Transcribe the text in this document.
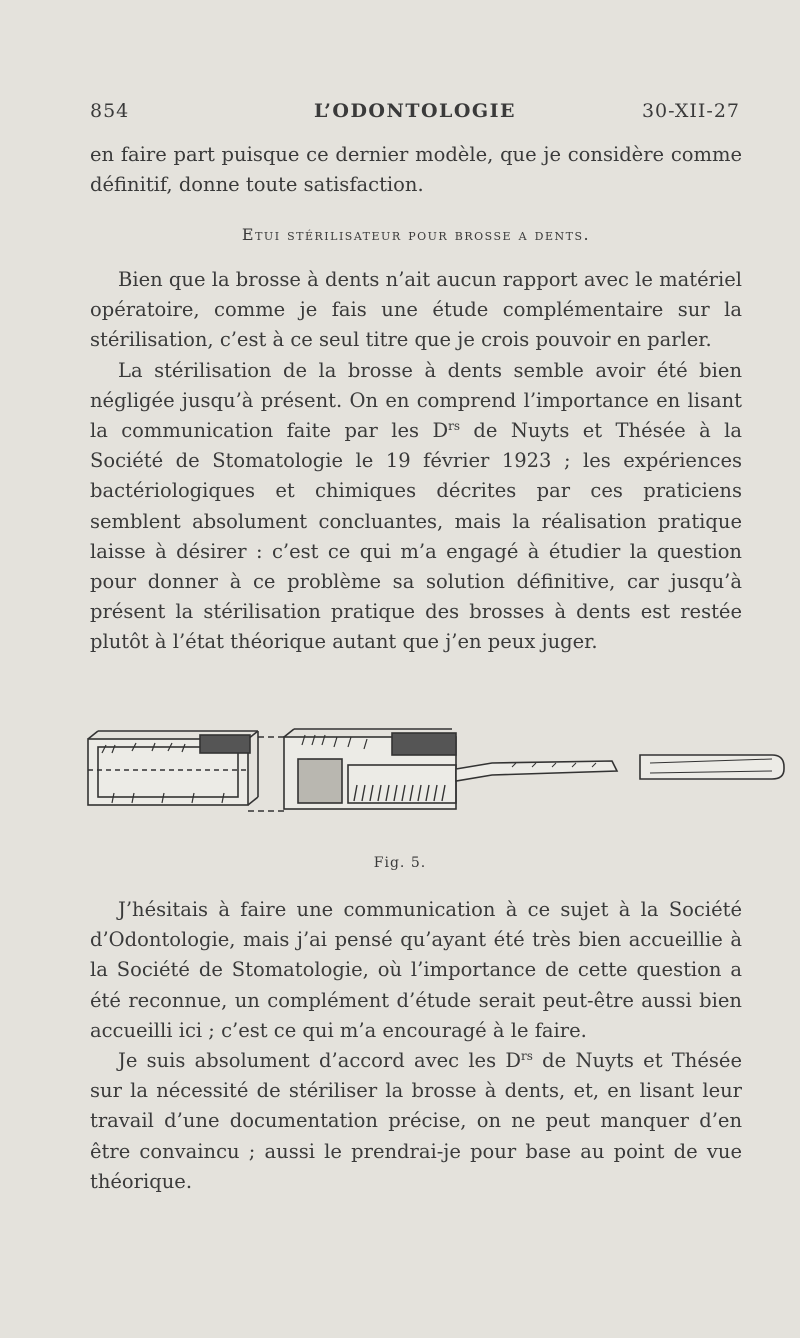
854	L’ODONTOLOGIE	30-XII-27

en faire part puisque ce dernier modèle, que je considère comme définitif, donne toute satisfaction.

Etui stérilisateur pour brosse a dents.

Bien que la brosse à dents n’ait aucun rapport avec le matériel opératoire, comme je fais une étude complémentaire sur la stérilisation, c’est à ce seul titre que je crois pouvoir en parler.

La stérilisation de la brosse à dents semble avoir été bien négligée jusqu’à présent. On en comprend l’importance en lisant la communication faite par les $D^{rs}$ de Nuyts et Thésée à la Société de Stomatologie le 19 février 1923 ; les expériences bactériologiques et chimiques décrites par ces praticiens semblent absolument concluantes, mais la réalisation pratique laisse à désirer : c’est ce qui m’a engagé à étudier la question pour donner à ce problème sa solution définitive, car jusqu’à présent la stérilisation pratique des brosses à dents est restée plutôt à l’état théorique autant que j’en peux juger.

Fig. 5.

J’hésitais à faire une communication à ce sujet à la Société d’Odontologie, mais j’ai pensé qu’ayant été très bien accueillie à la Société de Stomatologie, où l’importance de cette question a été reconnue, un complément d’étude serait peut-être aussi bien accueilli ici ; c’est ce qui m’a encouragé à le faire.

Je suis absolument d’accord avec les $D^{rs}$ de Nuyts et Thésée sur la nécessité de stériliser la brosse à dents, et, en lisant leur travail d’une documentation précise, on ne peut manquer d’en être convaincu ; aussi le prendrai-je pour base au point de vue théorique.
